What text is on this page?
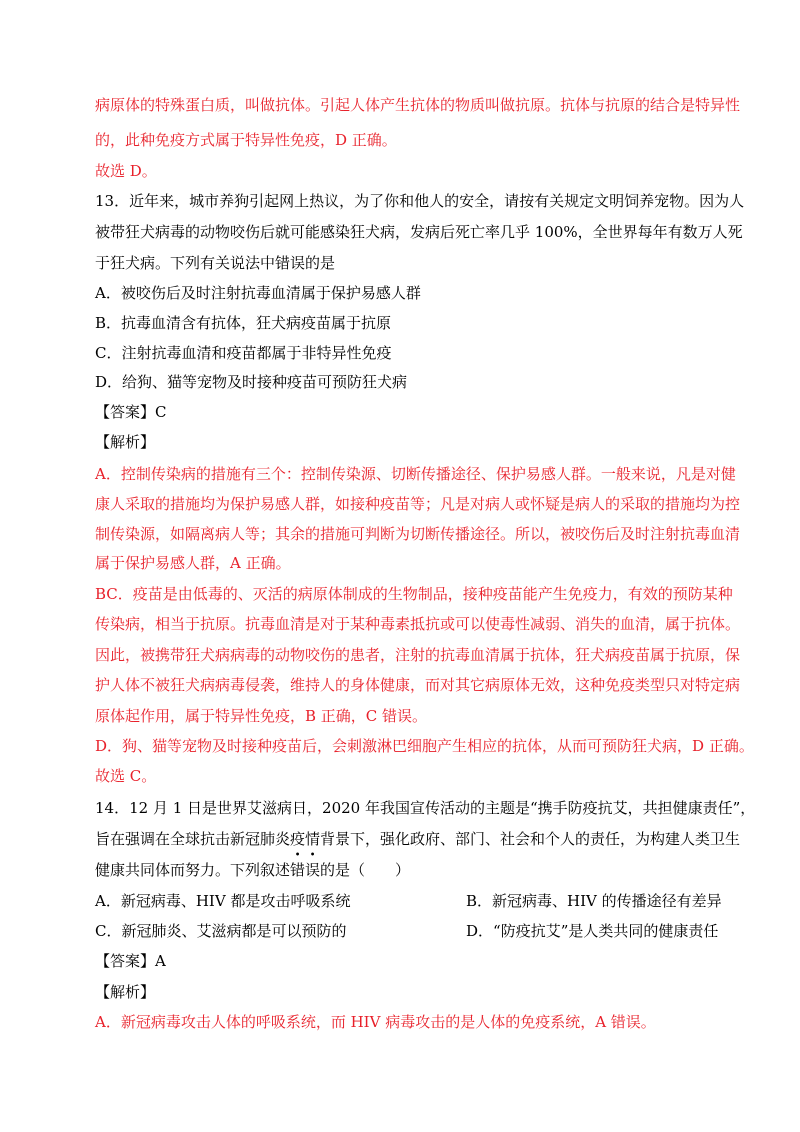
病原体的特殊蛋白质，叫做抗体。引起人体产生抗体的物质叫做抗原。抗体与抗原的结合是特异性
的，此种免疫方式属于特异性免疫，D 正确。
故选 D。
13．近年来，城市养狗引起网上热议，为了你和他人的安全，请按有关规定文明饲养宠物。因为人
被带狂犬病毒的动物咬伤后就可能感染狂犬病，发病后死亡率几乎 100%，全世界每年有数万人死
于狂犬病。下列有关说法中错误的是
A．被咬伤后及时注射抗毒血清属于保护易感人群
B．抗毒血清含有抗体，狂犬病疫苗属于抗原
C．注射抗毒血清和疫苗都属于非特异性免疫
D．给狗、猫等宠物及时接种疫苗可预防狂犬病
【答案】C
【解析】
A．控制传染病的措施有三个：控制传染源、切断传播途径、保护易感人群。一般来说，凡是对健
康人采取的措施均为保护易感人群，如接种疫苗等；凡是对病人或怀疑是病人的采取的措施均为控
制传染源，如隔离病人等；其余的措施可判断为切断传播途径。所以，被咬伤后及时注射抗毒血清
属于保护易感人群，A 正确。
BC．疫苗是由低毒的、灭活的病原体制成的生物制品，接种疫苗能产生免疫力，有效的预防某种
传染病，相当于抗原。抗毒血清是对于某种毒素抵抗或可以使毒性减弱、消失的血清，属于抗体。
因此，被携带狂犬病病毒的动物咬伤的患者，注射的抗毒血清属于抗体，狂犬病疫苗属于抗原，保
护人体不被狂犬病病毒侵袭，维持人的身体健康，而对其它病原体无效，这种免疫类型只对特定病
原体起作用，属于特异性免疫，B 正确，C 错误。
D．狗、猫等宠物及时接种疫苗后，会刺激淋巴细胞产生相应的抗体，从而可预防狂犬病，D 正确。
故选 C。
14．12 月 1 日是世界艾滋病日，2020 年我国宣传活动的主题是“携手防疫抗艾，共担健康责任”，
旨在强调在全球抗击新冠肺炎疫情背景下，强化政府、部门、社会和个人的责任，为构建人类卫生
健康共同体而努力。下列叙述
•
错
•
误的是（　　）
A．新冠病毒、HIV 都是攻击呼吸系统	B．新冠病毒、HIV 的传播途径有差异
C．新冠肺炎、艾滋病都是可以预防的	D．“防疫抗艾”是人类共同的健康责任
【答案】A
【解析】
A．新冠病毒攻击人体的呼吸系统，而 HIV 病毒攻击的是人体的免疫系统，A 错误。
